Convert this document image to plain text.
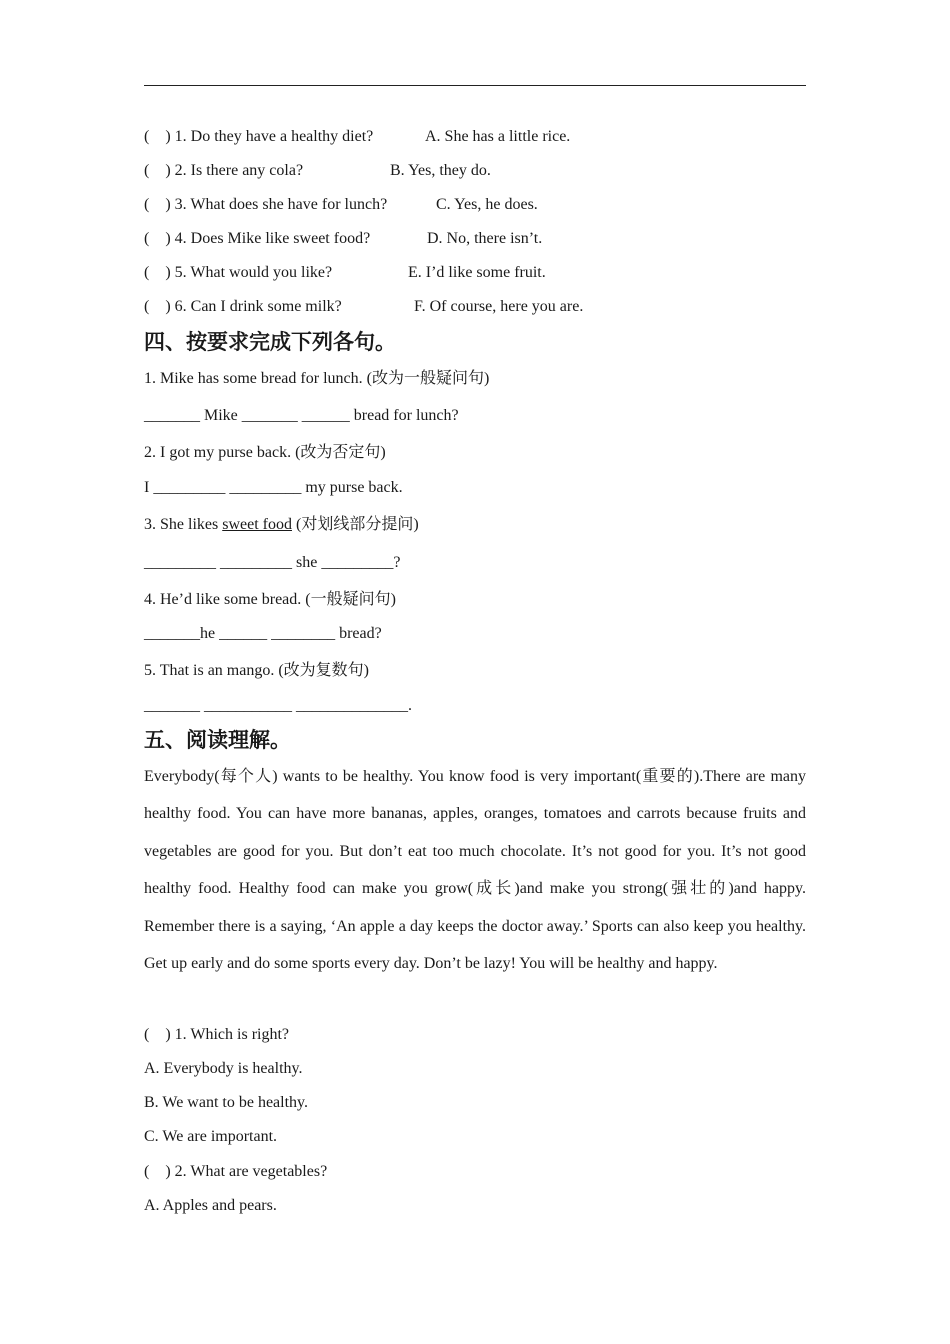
(    ) 1. Do they have a healthy diet?	A. She has a little rice.
(    ) 2. Is there any cola?	B. Yes, they do.
(    ) 3. What does she have for lunch?	C. Yes, he does.
(    ) 4. Does Mike like sweet food?	D. No, there isn’t.
(    ) 5. What would you like?	E. I’d like some fruit.
(    ) 6. Can I drink some milk?	F. Of course, here you are.
四、按要求完成下列各句。
1. Mike has some bread for lunch. (改为一般疑问句)
_______ Mike _______ ______ bread for lunch?
2. I got my purse back. (改为否定句)
I _________ _________ my purse back.
3. She likes sweet food (对划线部分提问)
_________ _________ she _________?
4. He’d like some bread. (一般疑问句)
_______he ______ ________ bread?
5. That is an mango. (改为复数句)
_______ ___________ ______________.
五、阅读理解。

Everybody(每个人) wants to be healthy. You know food is very important(重要的).There are many healthy food. You can have more bananas, apples, oranges, tomatoes and carrots because fruits and vegetables are good for you. But don’t eat too much chocolate. It’s not good for you. It’s not good healthy food. Healthy food can make you grow(成长)and make you strong(强壮的)and happy. Remember there is a saying, ‘An apple a day keeps the doctor away.’ Sports can also keep you healthy. Get up early and do some sports every day. Don’t be lazy! You will be healthy and happy.

(    ) 1. Which is right?
A. Everybody is healthy.
B. We want to be healthy.
C. We are important.
(    ) 2. What are vegetables?
A. Apples and pears.
